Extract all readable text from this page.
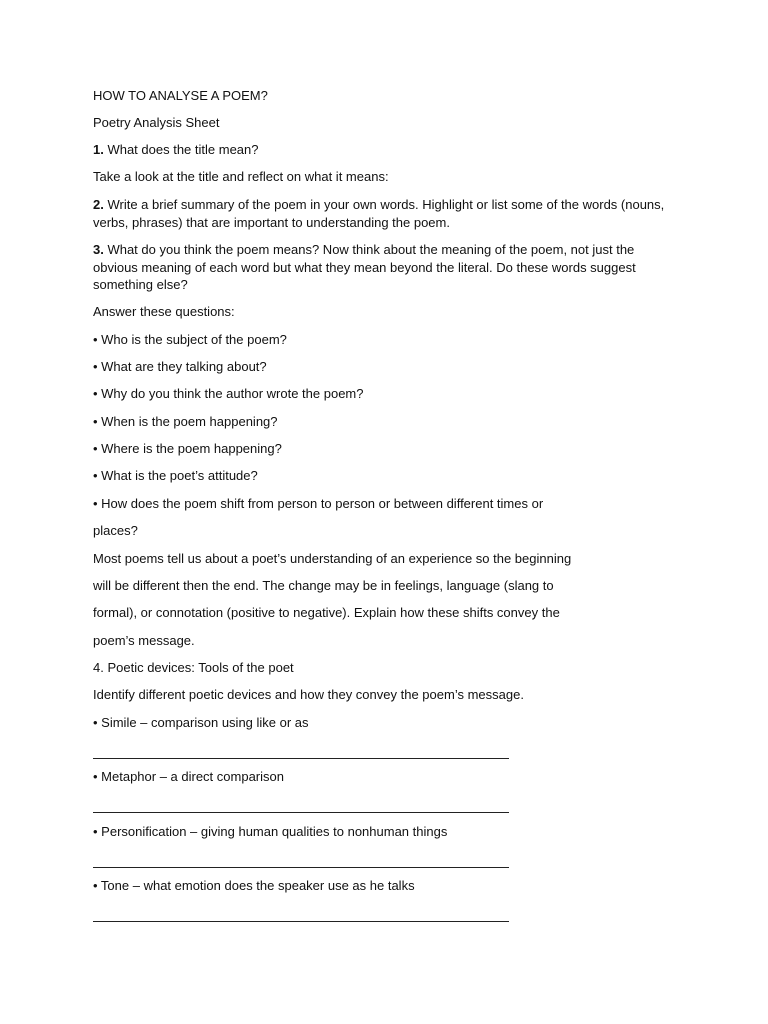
HOW TO ANALYSE A POEM?
Poetry Analysis Sheet
1. What does the title mean?
Take a look at the title and reflect on what it means:
2. Write a brief summary of the poem in your own words. Highlight or list some of the words (nouns, verbs, phrases) that are important to understanding the poem.
3. What do you think the poem means? Now think about the meaning of the poem, not just the obvious meaning of each word but what they mean beyond the literal. Do these words suggest something else?
Answer these questions:
• Who is the subject of the poem?
• What are they talking about?
• Why do you think the author wrote the poem?
• When is the poem happening?
• Where is the poem happening?
• What is the poet’s attitude?
• How does the poem shift from person to person or between different times or
places?
Most poems tell us about a poet’s understanding of an experience so the beginning
will be different then the end. The change may be in feelings, language (slang to
formal), or connotation (positive to negative). Explain how these shifts convey the
poem’s message.
4. Poetic devices: Tools of the poet
Identify different poetic devices and how they convey the poem’s message.
• Simile – comparison using like or as
• Metaphor – a direct comparison
• Personification – giving human qualities to nonhuman things
• Tone – what emotion does the speaker use as he talks
